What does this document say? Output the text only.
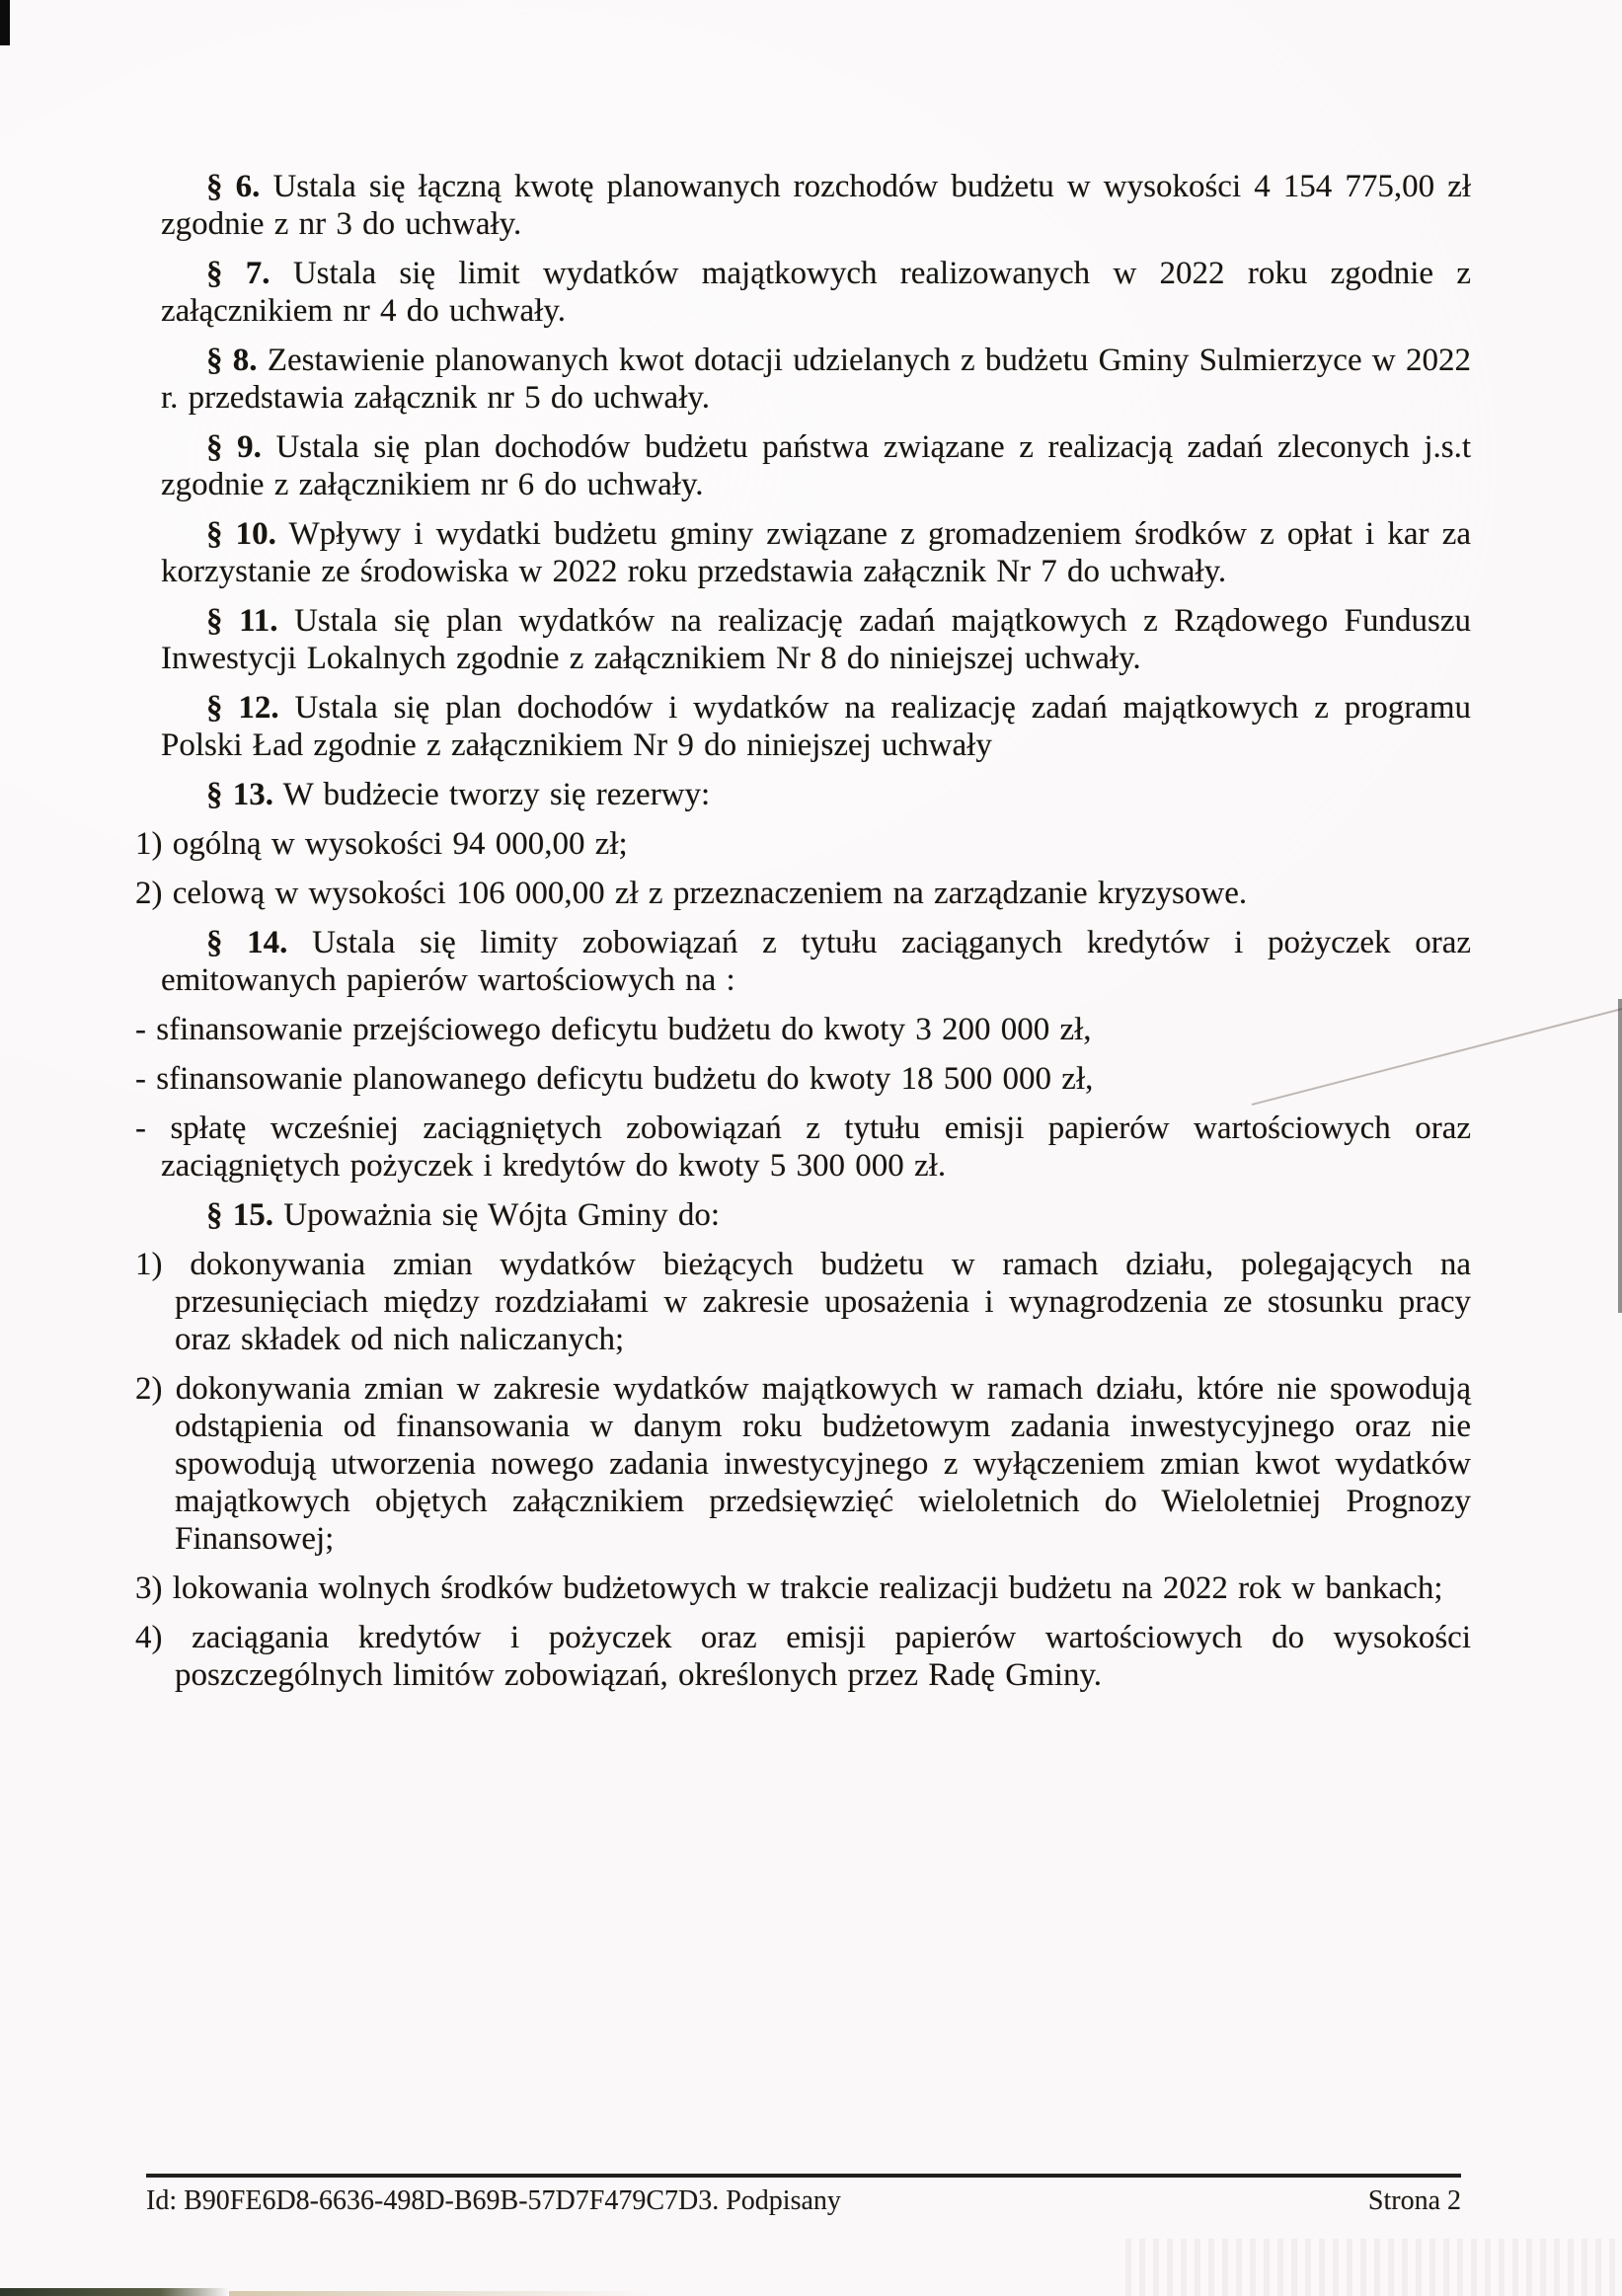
§ 6. Ustala się łączną kwotę planowanych rozchodów budżetu w wysokości 4 154 775,00 zł zgodnie z nr 3 do uchwały.

§ 7. Ustala się limit wydatków majątkowych realizowanych w 2022 roku zgodnie z załącznikiem nr 4 do uchwały.

§ 8. Zestawienie planowanych kwot dotacji udzielanych z budżetu Gminy Sulmierzyce w 2022 r. przedstawia załącznik nr 5 do uchwały.

§ 9. Ustala się plan dochodów budżetu państwa związane z realizacją zadań zleconych j.s.t zgodnie z załącznikiem nr 6 do uchwały.

§ 10. Wpływy i wydatki budżetu gminy związane z gromadzeniem środków z opłat i kar za korzystanie ze środowiska w 2022 roku przedstawia załącznik Nr 7 do uchwały.

§ 11. Ustala się plan wydatków na realizację zadań majątkowych z Rządowego Funduszu Inwestycji Lokalnych zgodnie z załącznikiem Nr 8 do niniejszej uchwały.

§ 12. Ustala się plan dochodów i wydatków na realizację zadań majątkowych z programu Polski Ład zgodnie z załącznikiem Nr 9 do niniejszej uchwały

§ 13. W budżecie tworzy się rezerwy:

1) ogólną w wysokości 94 000,00 zł;

2) celową w wysokości 106 000,00 zł z przeznaczeniem na zarządzanie kryzysowe.

§ 14. Ustala się limity zobowiązań z tytułu zaciąganych kredytów i pożyczek oraz emitowanych papierów wartościowych na :

- sfinansowanie przejściowego deficytu budżetu do kwoty 3 200 000 zł,

- sfinansowanie planowanego deficytu budżetu do kwoty 18 500 000 zł,

- spłatę wcześniej zaciągniętych zobowiązań z tytułu emisji papierów wartościowych oraz zaciągniętych pożyczek i kredytów do kwoty 5 300 000 zł.

§ 15. Upoważnia się Wójta Gminy do:

1) dokonywania zmian wydatków bieżących budżetu w ramach działu, polegających na przesunięciach między rozdziałami w zakresie uposażenia i wynagrodzenia ze stosunku pracy oraz składek od nich naliczanych;

2) dokonywania zmian w zakresie wydatków majątkowych w ramach działu, które nie spowodują odstąpienia od finansowania w danym roku budżetowym zadania inwestycyjnego oraz nie spowodują utworzenia nowego zadania inwestycyjnego z wyłączeniem zmian kwot wydatków majątkowych objętych załącznikiem przedsięwzięć wieloletnich do Wieloletniej Prognozy Finansowej;

3) lokowania wolnych środków budżetowych w trakcie realizacji budżetu na 2022 rok w bankach;

4) zaciągania kredytów i pożyczek oraz emisji papierów wartościowych do wysokości poszczególnych limitów zobowiązań, określonych przez Radę Gminy.

Id: B90FE6D8-6636-498D-B69B-57D7F479C7D3. Podpisany	Strona 2
